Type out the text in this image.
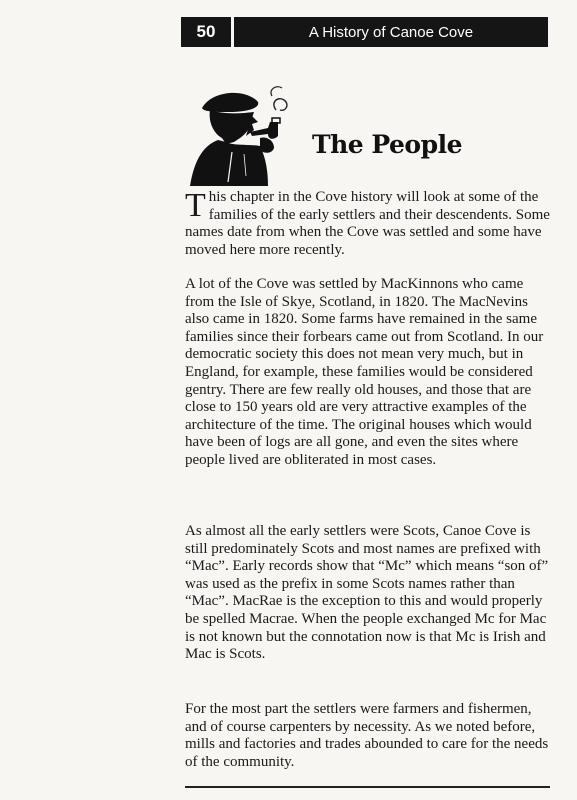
50	A History of Canoe Cove
The People

This chapter in the Cove history will look at some of the families of the early settlers and their descendents. Some names date from when the Cove was settled and some have moved here more recently.

A lot of the Cove was settled by MacKinnons who came from the Isle of Skye, Scotland, in 1820. The MacNevins also came in 1820. Some farms have remained in the same families since their forbears came out from Scotland. In our democratic society this does not mean very much, but in England, for example, these families would be considered gentry. There are few really old houses, and those that are close to 150 years old are very attractive examples of the architecture of the time. The original houses which would have been of logs are all gone, and even the sites where people lived are obliterated in most cases.

As almost all the early settlers were Scots, Canoe Cove is still predominately Scots and most names are prefixed with “Mac”. Early records show that “Mc” which means “son of” was used as the prefix in some Scots names rather than “Mac”. MacRae is the exception to this and would properly be spelled Macrae. When the people exchanged Mc for Mac is not known but the connotation now is that Mc is Irish and Mac is Scots.

For the most part the settlers were farmers and fishermen, and of course carpenters by necessity. As we noted before, mills and factories and trades abounded to care for the needs of the community.
